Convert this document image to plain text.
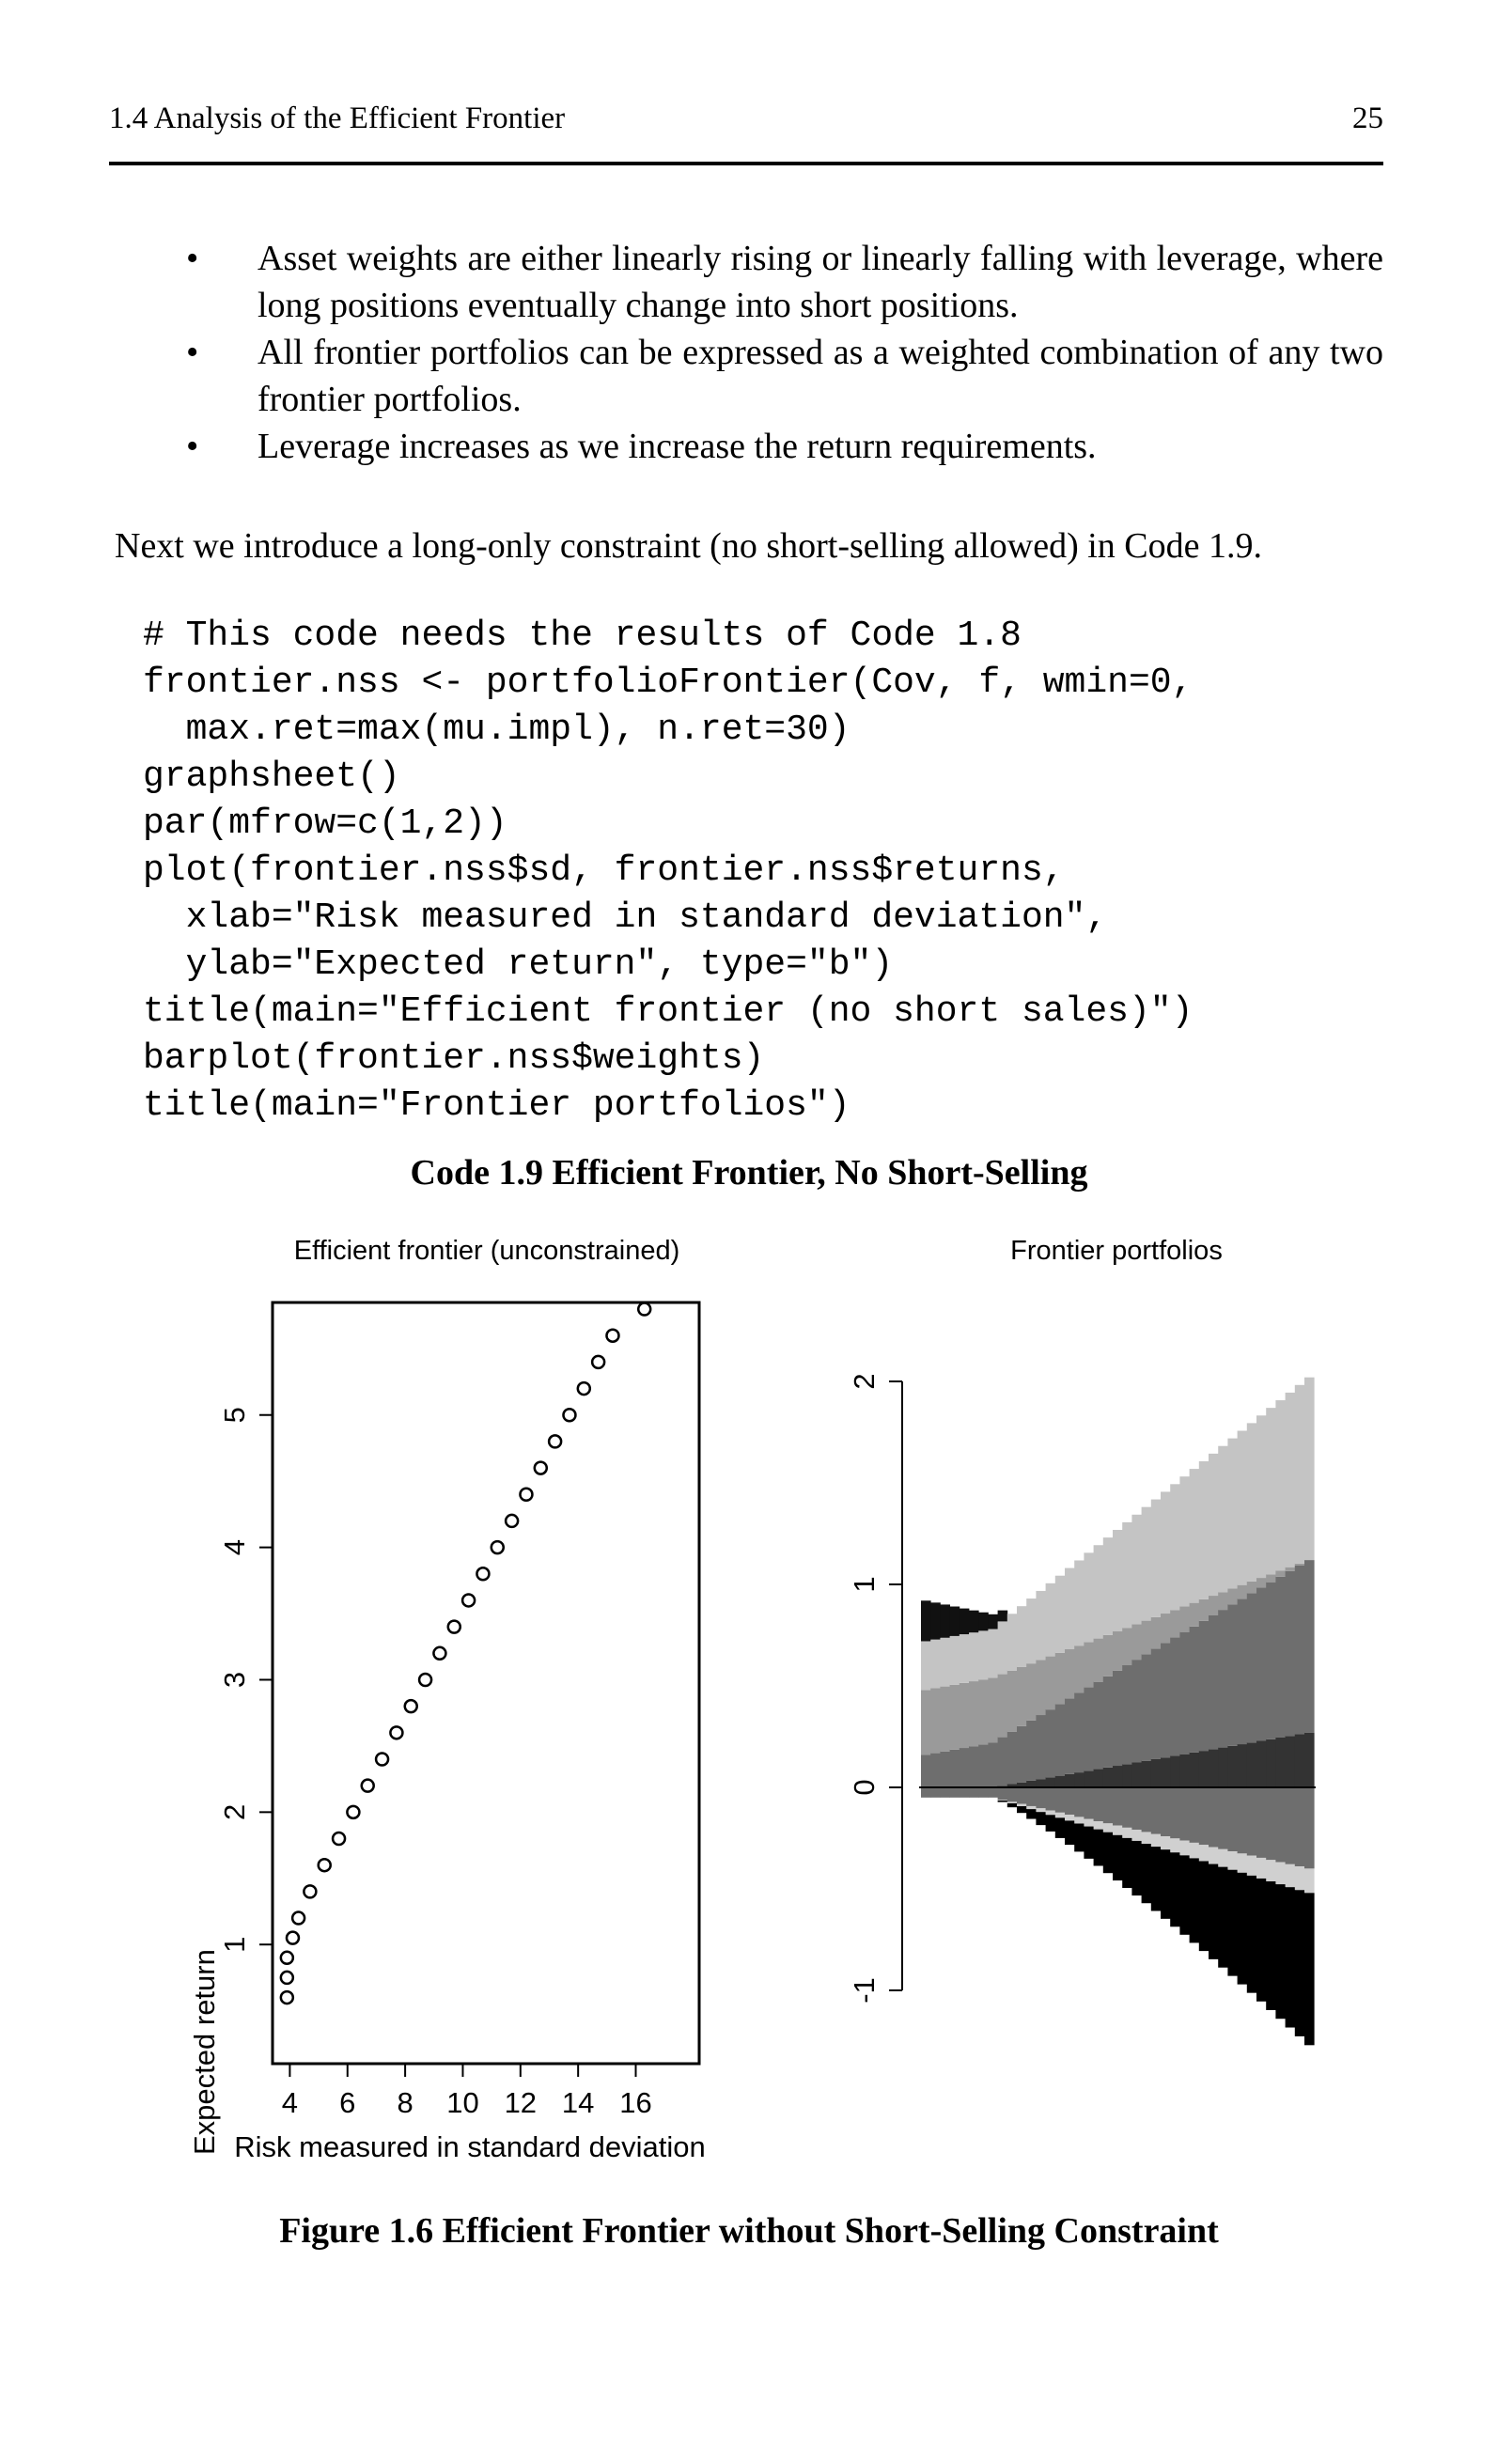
1.4 Analysis of the Efficient Frontier	25
• Asset weights are either linearly rising or linearly falling with leverage, where long positions eventually change into short positions.
• All frontier portfolios can be expressed as a weighted combination of any two frontier portfolios.
• Leverage increases as we increase the return requirements.
Next we introduce a long-only constraint (no short-selling allowed) in Code 1.9.
# This code needs the results of Code 1.8
frontier.nss <- portfolioFrontier(Cov, f, wmin=0,
max.ret=max(mu.impl), n.ret=30)
graphsheet()
par(mfrow=c(1,2))
plot(frontier.nss$sd, frontier.nss$returns,
xlab="Risk measured in standard deviation",
ylab="Expected return", type="b")
title(main="Efficient frontier (no short sales)")
barplot(frontier.nss$weights)
title(main="Frontier portfolios")
Code 1.9 Efficient Frontier, No Short-Selling
Efficient frontier (unconstrained)
4 6 8 10 12 14 16
1
2
3
4
5
Risk measured in standard deviation
Expected return
Frontier portfolios
-1
0
1
2
Figure 1.6 Efficient Frontier without Short-Selling Constraint
